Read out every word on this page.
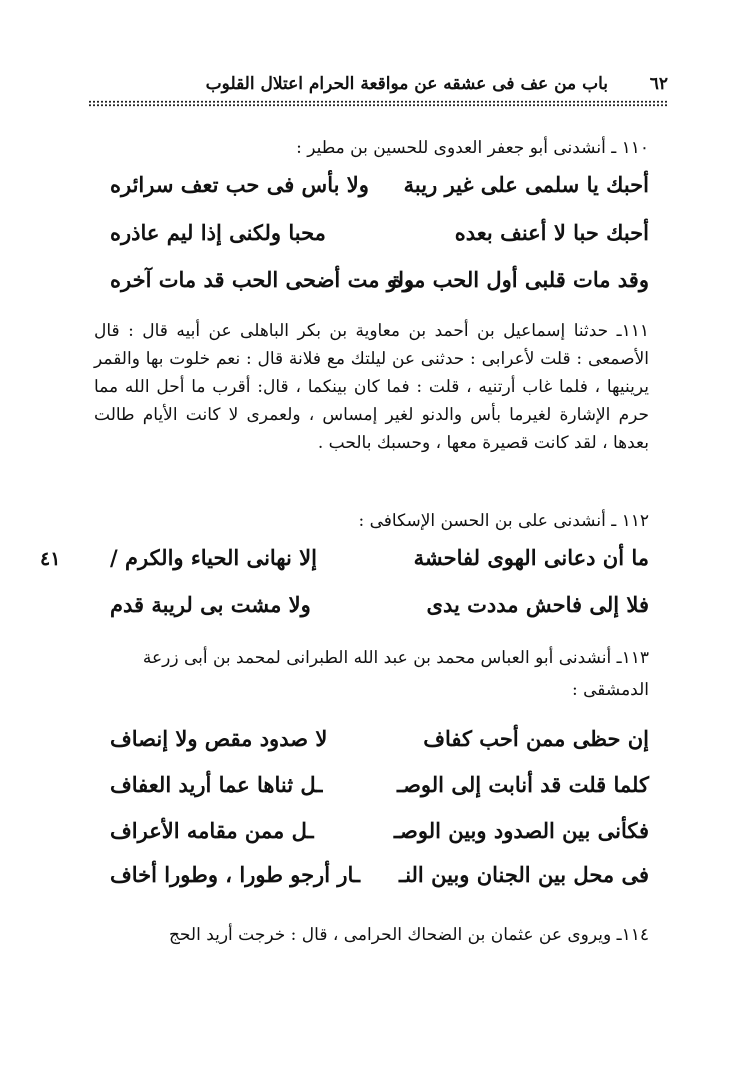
باب من عف فى عشقه عن مواقعة الحرام اعتلال القلوب ٦٢
١١٠ ـ أنشدنى أبو جعفر العدوى للحسين بن مطير :
أحبك يا سلمى على غير ريبة
ولا بأس فى حب تعف سرائره
أحبك حبا لا أعنف بعده
محبا ولكنى إذا ليم عاذره
وقد مات قلبى أول الحب مرة
ولو مت أضحى الحب قد مات آخره
١١١ـ حدثنا إسماعيل بن أحمد بن معاوية بن بكر الباهلى عن أبيه قال : قال الأصمعى : قلت لأعرابى : حدثنى عن ليلتك مع فلانة قال : نعم خلوت بها والقمر يرينيها ، فلما غاب أرتنيه ، قلت : فما كان بينكما ، قال: أقرب ما أحل الله مما حرم الإشارة لغيرما بأس والدنو لغير إمساس ، ولعمرى لا كانت الأيام طالت بعدها ، لقد كانت قصيرة معها ، وحسبك بالحب .
١١٢ ـ أنشدنى على بن الحسن الإسكافى :
٤١	ما أن دعانى الهوى لفاحشة
إلا نهانى الحياء والكرم /
فلا إلى فاحش مددت يدى
ولا مشت بى لريبة قدم
١١٣ـ أنشدنى أبو العباس محمد بن عبد الله الطبرانى لمحمد بن أبى زرعة
الدمشقى :
إن حظى ممن أحب كفاف
لا صدود مقص ولا إنصاف
كلما قلت قد أنابت إلى الوصـ
ـل ثناها عما أريد العفاف
فكأنى بين الصدود وبين الوصـ
ـل ممن مقامه الأعراف
فى محل بين الجنان وبين النـ
ـار أرجو طورا ، وطورا أخاف
١١٤ـ ويروى عن عثمان بن الضحاك الحرامى ، قال : خرجت أريد الحج
